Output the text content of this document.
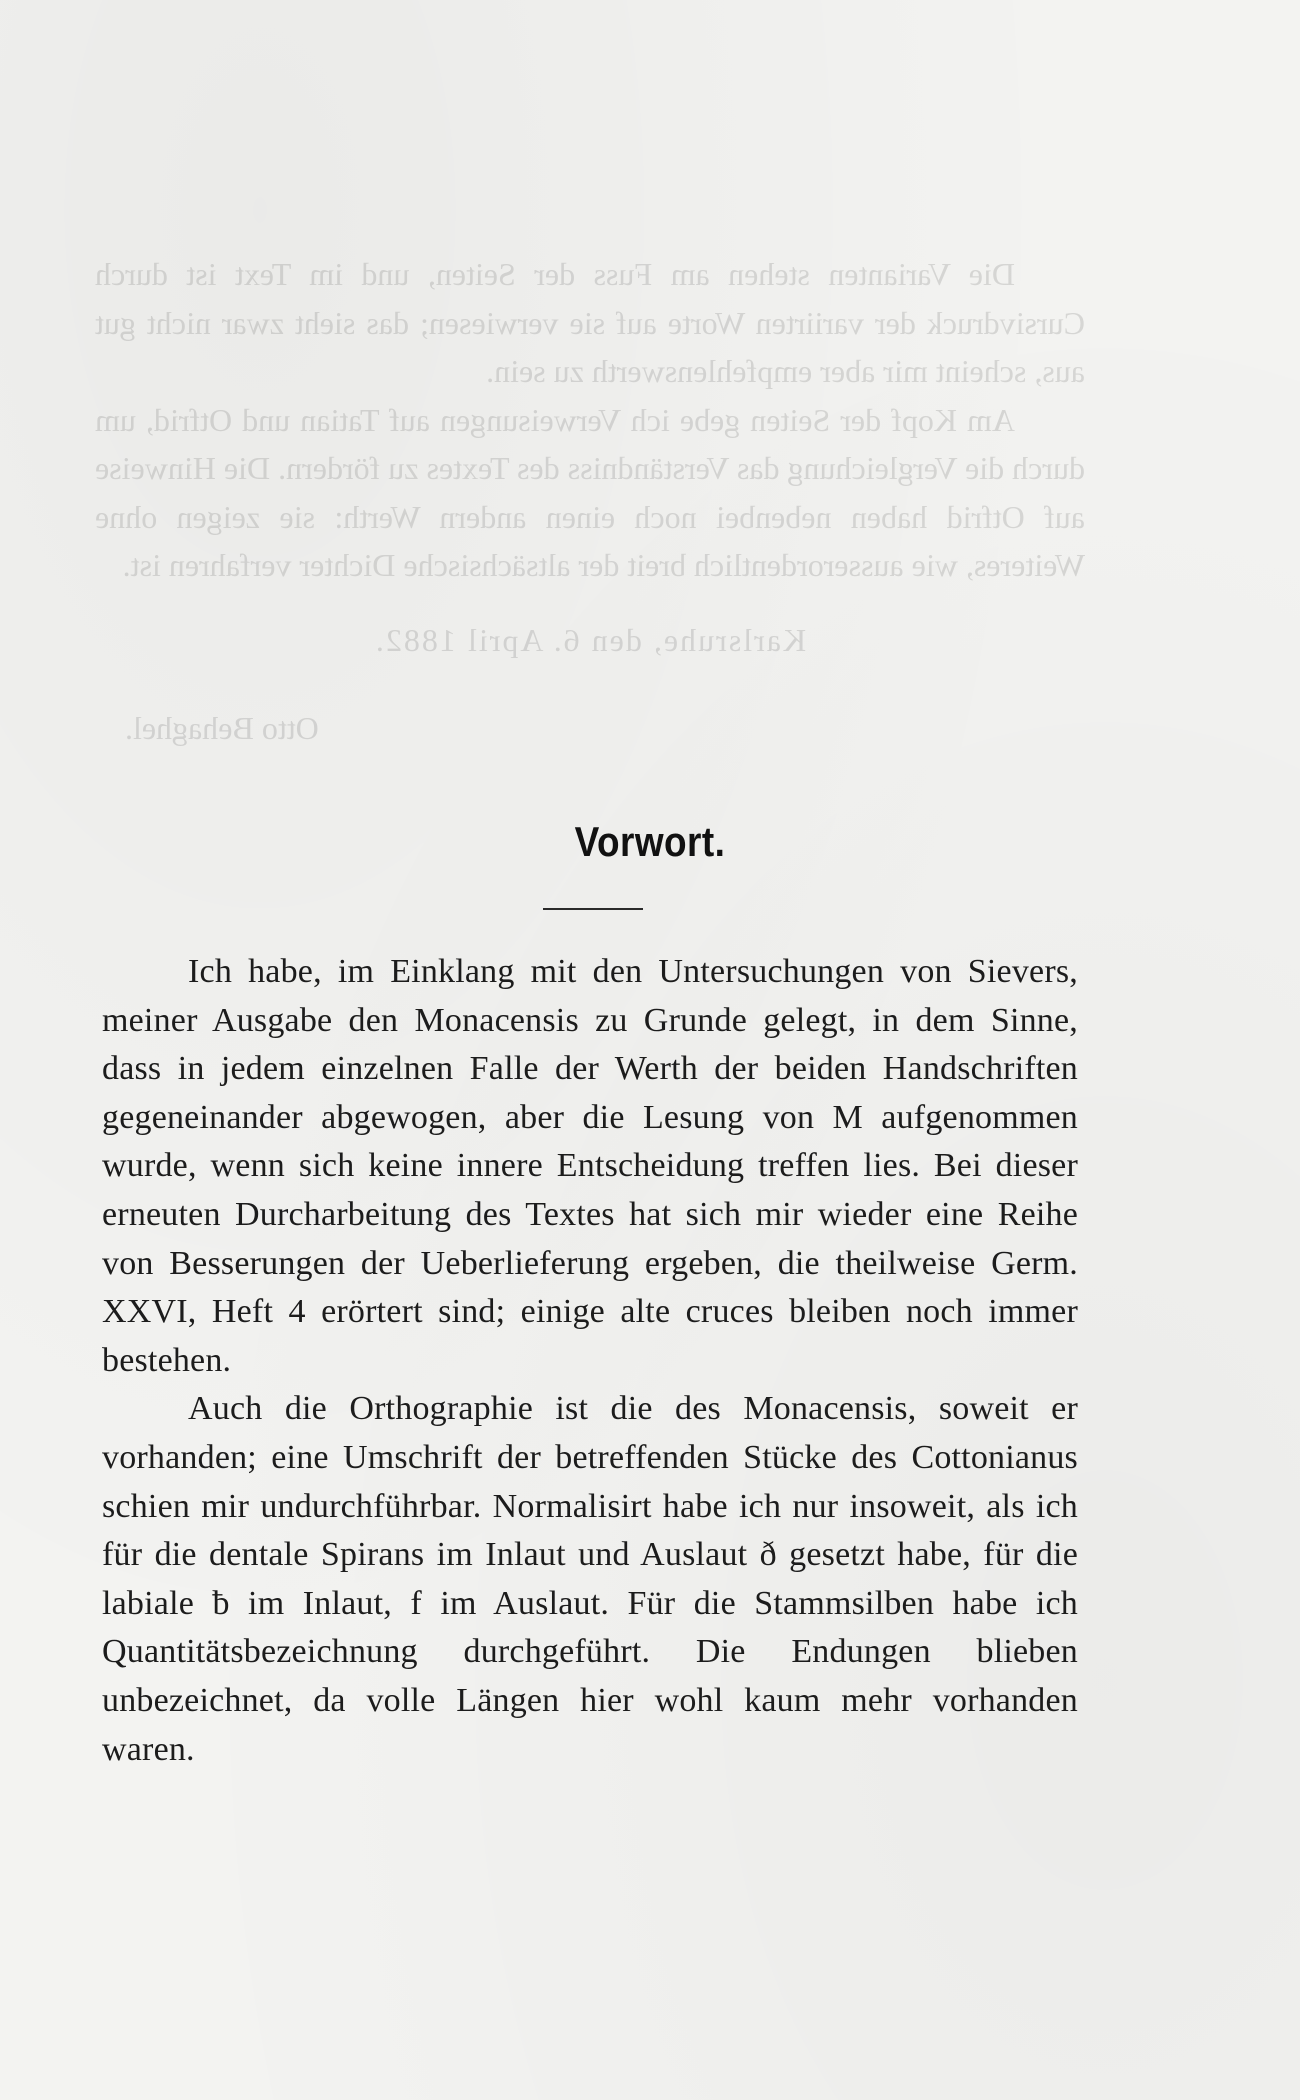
Die Varianten stehen am Fuss der Seiten, und im Text ist durch Cursivdruck der variirten Worte auf sie verwiesen; das sieht zwar nicht gut aus, scheint mir aber empfehlenswerth zu sein.

Am Kopf der Seiten gebe ich Verweisungen auf Tatian und Otfrid, um durch die Vergleichung das Verständniss des Textes zu fördern. Die Hinweise auf Otfrid haben nebenbei noch einen andern Werth: sie zeigen ohne Weiteres, wie ausserordentlich breit der altsächsische Dichter verfahren ist.

Karlsruhe, den 6. April 1882.

Otto Behaghel.

Vorwort.

Ich habe, im Einklang mit den Untersuchungen von Sievers, meiner Ausgabe den Monacensis zu Grunde gelegt, in dem Sinne, dass in jedem einzelnen Falle der Werth der beiden Handschriften gegeneinander abgewogen, aber die Lesung von M aufgenommen wurde, wenn sich keine innere Entscheidung treffen lies. Bei dieser erneuten Durcharbeitung des Textes hat sich mir wieder eine Reihe von Besserungen der Ueberlieferung ergeben, die theilweise Germ. XXVI, Heft 4 erörtert sind; einige alte cruces bleiben noch immer bestehen.

Auch die Orthographie ist die des Monacensis, soweit er vorhanden; eine Umschrift der betreffenden Stücke des Cottonianus schien mir undurchführbar. Normalisirt habe ich nur insoweit, als ich für die dentale Spirans im Inlaut und Auslaut ð gesetzt habe, für die labiale ƀ im Inlaut, f im Auslaut. Für die Stammsilben habe ich Quantitätsbezeichnung durchgeführt. Die Endungen blieben unbezeichnet, da volle Längen hier wohl kaum mehr vorhanden waren.
